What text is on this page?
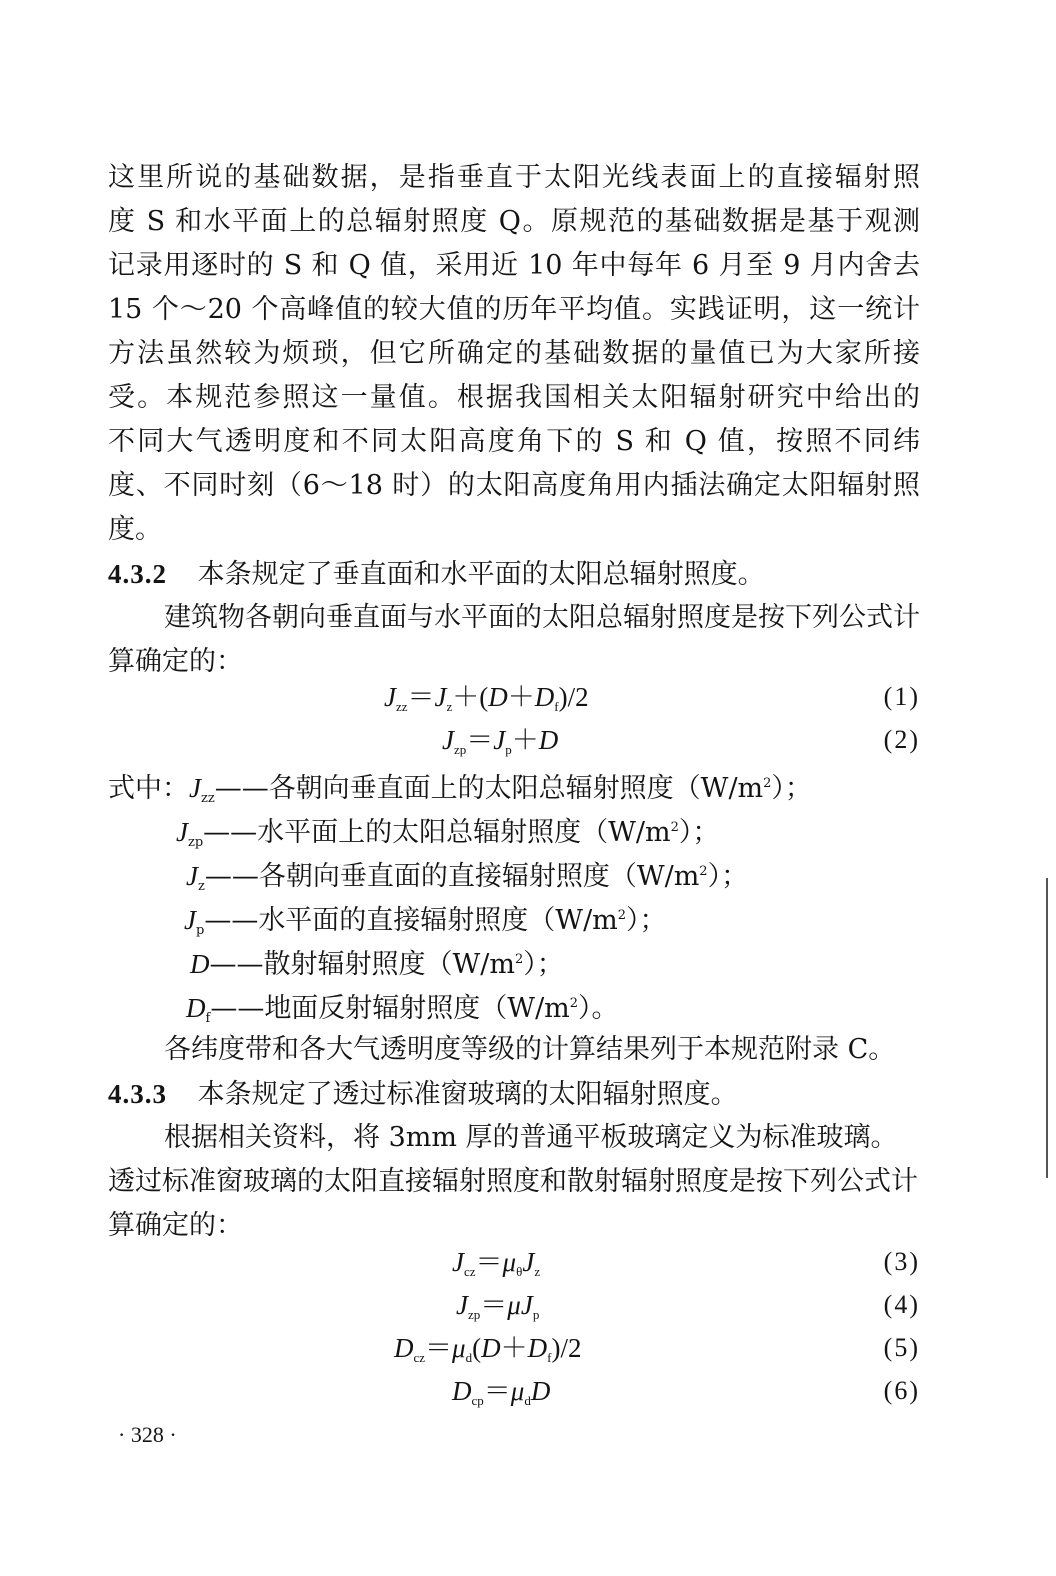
这里所说的基础数据，是指垂直于太阳光线表面上的直接辐射照

度 S 和水平面上的总辐射照度 Q。原规范的基础数据是基于观测

记录用逐时的 S 和 Q 值，采用近 10 年中每年 6 月至 9 月内舍去

15 个～20 个高峰值的较大值的历年平均值。实践证明，这一统计

方法虽然较为烦琐，但它所确定的基础数据的量值已为大家所接

受。本规范参照这一量值。根据我国相关太阳辐射研究中给出的

不同大气透明度和不同太阳高度角下的 S 和 Q 值，按照不同纬

度、不同时刻（6～18 时）的太阳高度角用内插法确定太阳辐射照

度。

4.3.2 本条规定了垂直面和水平面的太阳总辐射照度。

建筑物各朝向垂直面与水平面的太阳总辐射照度是按下列公式计算确定的：

$J_{zz}=J_z+(D+D_f)/2$	(1)
$J_{zp}=J_p+D$	(2)
式中：$J_{zz}——$各朝向垂直面上的太阳总辐射照度$(W/m^2)$；
$J_{zp}——$水平面上的太阳总辐射照度$(W/m^2)$；
$J_z——$各朝向垂直面的直接辐射照度$(W/m^2)$；
$J_p——$水平面的直接辐射照度$(W/m^2)$；
D——散射辐射照度$(W/m^2)$；
$D_f——$地面反射辐射照度$(W/m^2)$。

各纬度带和各大气透明度等级的计算结果列于本规范附录 C。

4.3.3 本条规定了透过标准窗玻璃的太阳辐射照度。

根据相关资料，将 3mm 厚的普通平板玻璃定义为标准玻璃。

透过标准窗玻璃的太阳直接辐射照度和散射辐射照度是按下列公式计算确定的：

$J_{cz}=\mu_\theta J_z$	(3)
$J_{zp}=\mu J_p$	(4)
$D_{cz}=\mu_d(D+D_f)/2$	(5)
$D_{cp}=\mu_dD$	(6)
· 328 ·
